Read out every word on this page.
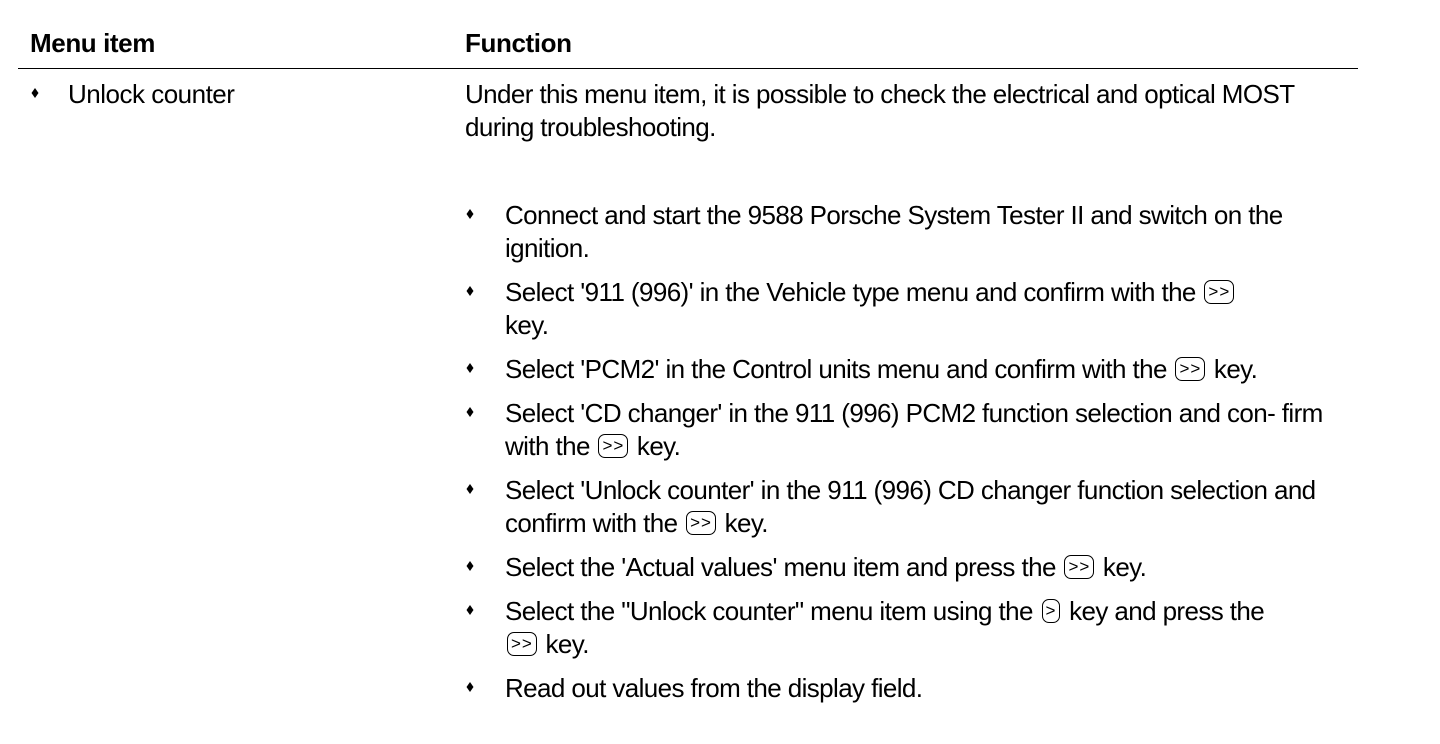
Menu item	Function
Unlock counter	Under this menu item, it is possible to check the electrical and optical MOST during troubleshooting.

Connect and start the 9588 Porsche System Tester II and switch on the ignition.
Select '911 (996)' in the Vehicle type menu and confirm with the >>
key.
Select 'PCM2' in the Control units menu and confirm with the >> key.
Select 'CD changer' in the 911 (996) PCM2 function selection and con- firm with the >> key.
Select 'Unlock counter' in the 911 (996) CD changer function selection and confirm with the >> key.
Select the 'Actual values' menu item and press the >> key.
Select the "Unlock counter" menu item using the > key and press the
>> key.
Read out values from the display field.
